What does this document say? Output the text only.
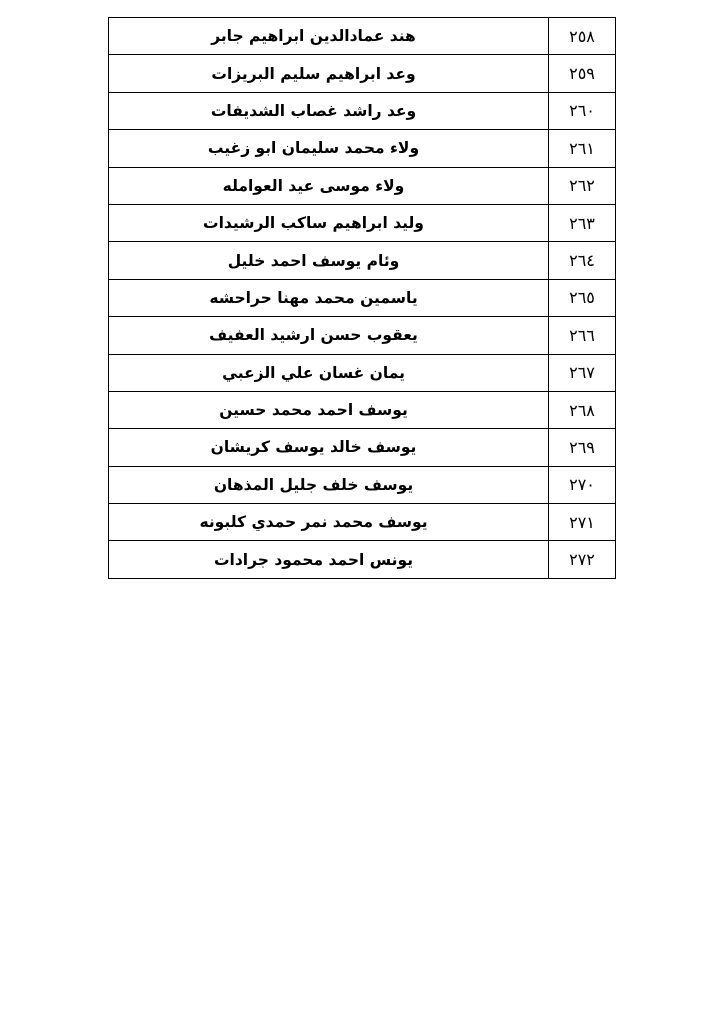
٢٥٨	هند عمادالدين ابراهيم جابر
٢٥٩	وعد ابراهيم سليم البريزات
٢٦٠	وعد راشد غصاب الشديفات
٢٦١	ولاء محمد سليمان ابو زغيب
٢٦٢	ولاء موسى عيد العوامله
٢٦٣	وليد ابراهيم ساكب الرشيدات
٢٦٤	وئام يوسف احمد خليل
٢٦٥	ياسمين محمد مهنا حراحشه
٢٦٦	يعقوب حسن ارشيد العفيف
٢٦٧	يمان غسان علي الزعبي
٢٦٨	يوسف احمد محمد حسين
٢٦٩	يوسف خالد يوسف كريشان
٢٧٠	يوسف خلف جليل المذهان
٢٧١	يوسف محمد نمر حمدي كلبونه
٢٧٢	يونس احمد محمود جرادات
